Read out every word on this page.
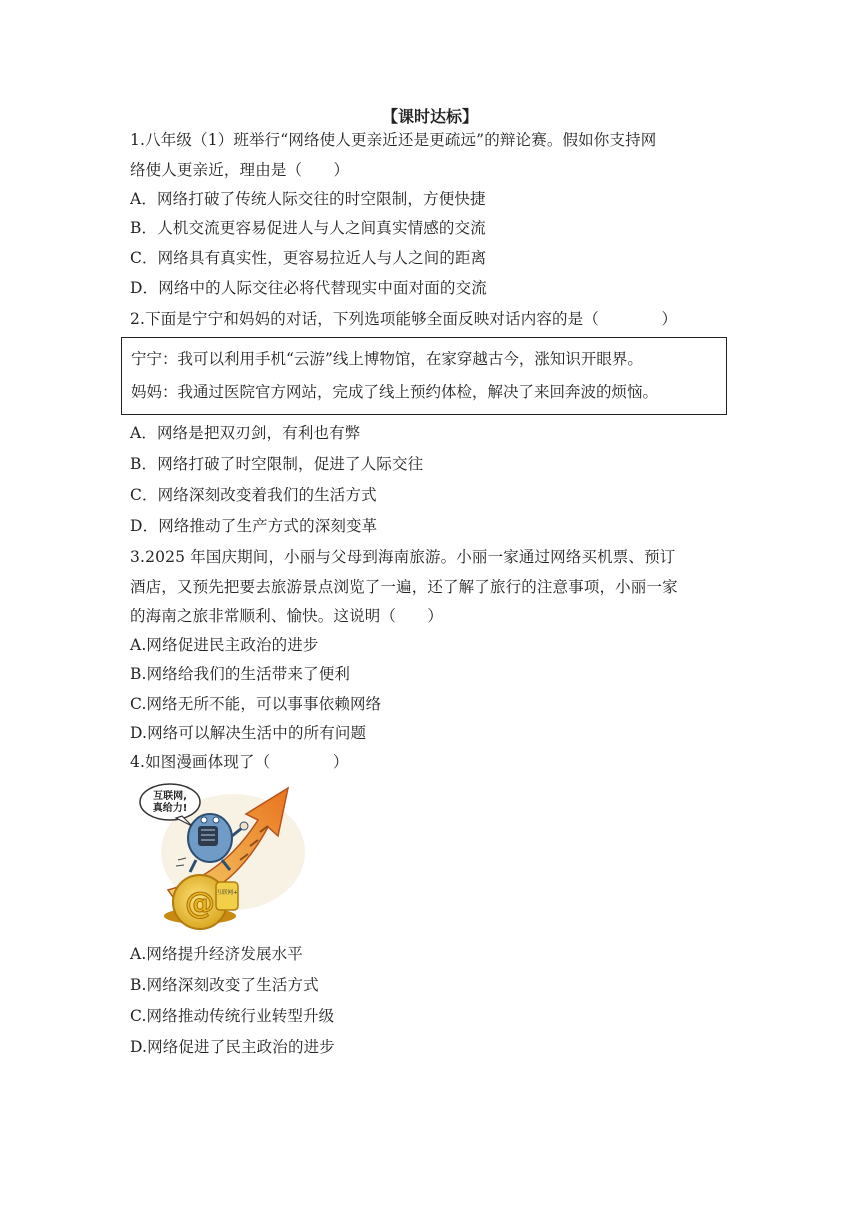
【课时达标】
1.八年级（1）班举行“网络使人更亲近还是更疏远”的辩论赛。假如你支持网
络使人更亲近，理由是（　　）
A．网络打破了传统人际交往的时空限制，方便快捷
B．人机交流更容易促进人与人之间真实情感的交流
C．网络具有真实性，更容易拉近人与人之间的距离
D．网络中的人际交往必将代替现实中面对面的交流
2.下面是宁宁和妈妈的对话，下列选项能够全面反映对话内容的是（　　　　）
宁宁：我可以利用手机“云游”线上博物馆，在家穿越古今，涨知识开眼界。
妈妈：我通过医院官方网站，完成了线上预约体检，解决了来回奔波的烦恼。
A．网络是把双刃剑，有利也有弊
B．网络打破了时空限制，促进了人际交往
C．网络深刻改变着我们的生活方式
D．网络推动了生产方式的深刻变革
3.2025 年国庆期间，小丽与父母到海南旅游。小丽一家通过网络买机票、预订
酒店，又预先把要去旅游景点浏览了一遍，还了解了旅行的注意事项，小丽一家
的海南之旅非常顺利、愉快。这说明（　　）
A.网络促进民主政治的进步
B.网络给我们的生活带来了便利
C.网络无所不能，可以事事依赖网络
D.网络可以解决生活中的所有问题
4.如图漫画体现了（　　　　）
@ 互联网+
互联网,
真给力!
A.网络提升经济发展水平
B.网络深刻改变了生活方式
C.网络推动传统行业转型升级
D.网络促进了民主政治的进步
